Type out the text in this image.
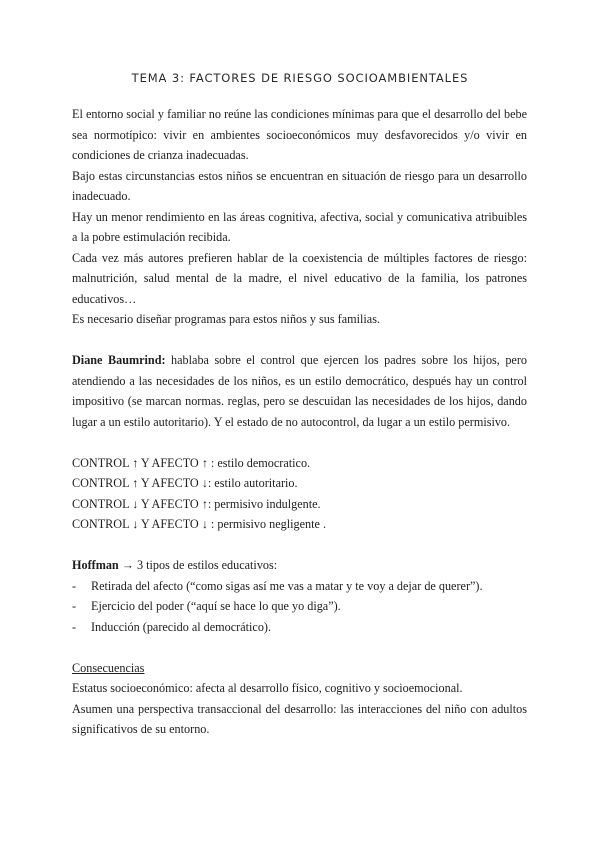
TEMA 3: FACTORES DE RIESGO SOCIOAMBIENTALES

El entorno social y familiar no reúne las condiciones mínimas para que el desarrollo del bebe sea normotípico: vivir en ambientes socioeconómicos muy desfavorecidos y/o vivir en condiciones de crianza inadecuadas.

Bajo estas circunstancias estos niños se encuentran en situación de riesgo para un desarrollo inadecuado.

Hay un menor rendimiento en las áreas cognitiva, afectiva, social y comunicativa atribuibles a la pobre estimulación recibida.

Cada vez más autores prefieren hablar de la coexistencia de múltiples factores de riesgo: malnutrición, salud mental de la madre, el nivel educativo de la familia, los patrones educativos…

Es necesario diseñar programas para estos niños y sus familias.

Diane Baumrind: hablaba sobre el control que ejercen los padres sobre los hijos, pero atendiendo a las necesidades de los niños, es un estilo democrático, después hay un control impositivo (se marcan normas. reglas, pero se descuidan las necesidades de los hijos, dando lugar a un estilo autoritario). Y el estado de no autocontrol, da lugar a un estilo permisivo.

CONTROL ↑ Y AFECTO ↑ : estilo democratico.

CONTROL ↑ Y AFECTO ↓: estilo autoritario.

CONTROL ↓ Y AFECTO ↑: permisivo indulgente.

CONTROL ↓ Y AFECTO ↓ : permisivo negligente .

Hoffman → 3 tipos de estilos educativos:

- Retirada del afecto (“como sigas así me vas a matar y te voy a dejar de querer”).
- Ejercicio del poder (“aquí se hace lo que yo diga”).
- Inducción (parecido al democrático).

Consecuencias

Estatus socioeconómico: afecta al desarrollo físico, cognitivo y socioemocional.

Asumen una perspectiva transaccional del desarrollo: las interacciones del niño con adultos significativos de su entorno.
